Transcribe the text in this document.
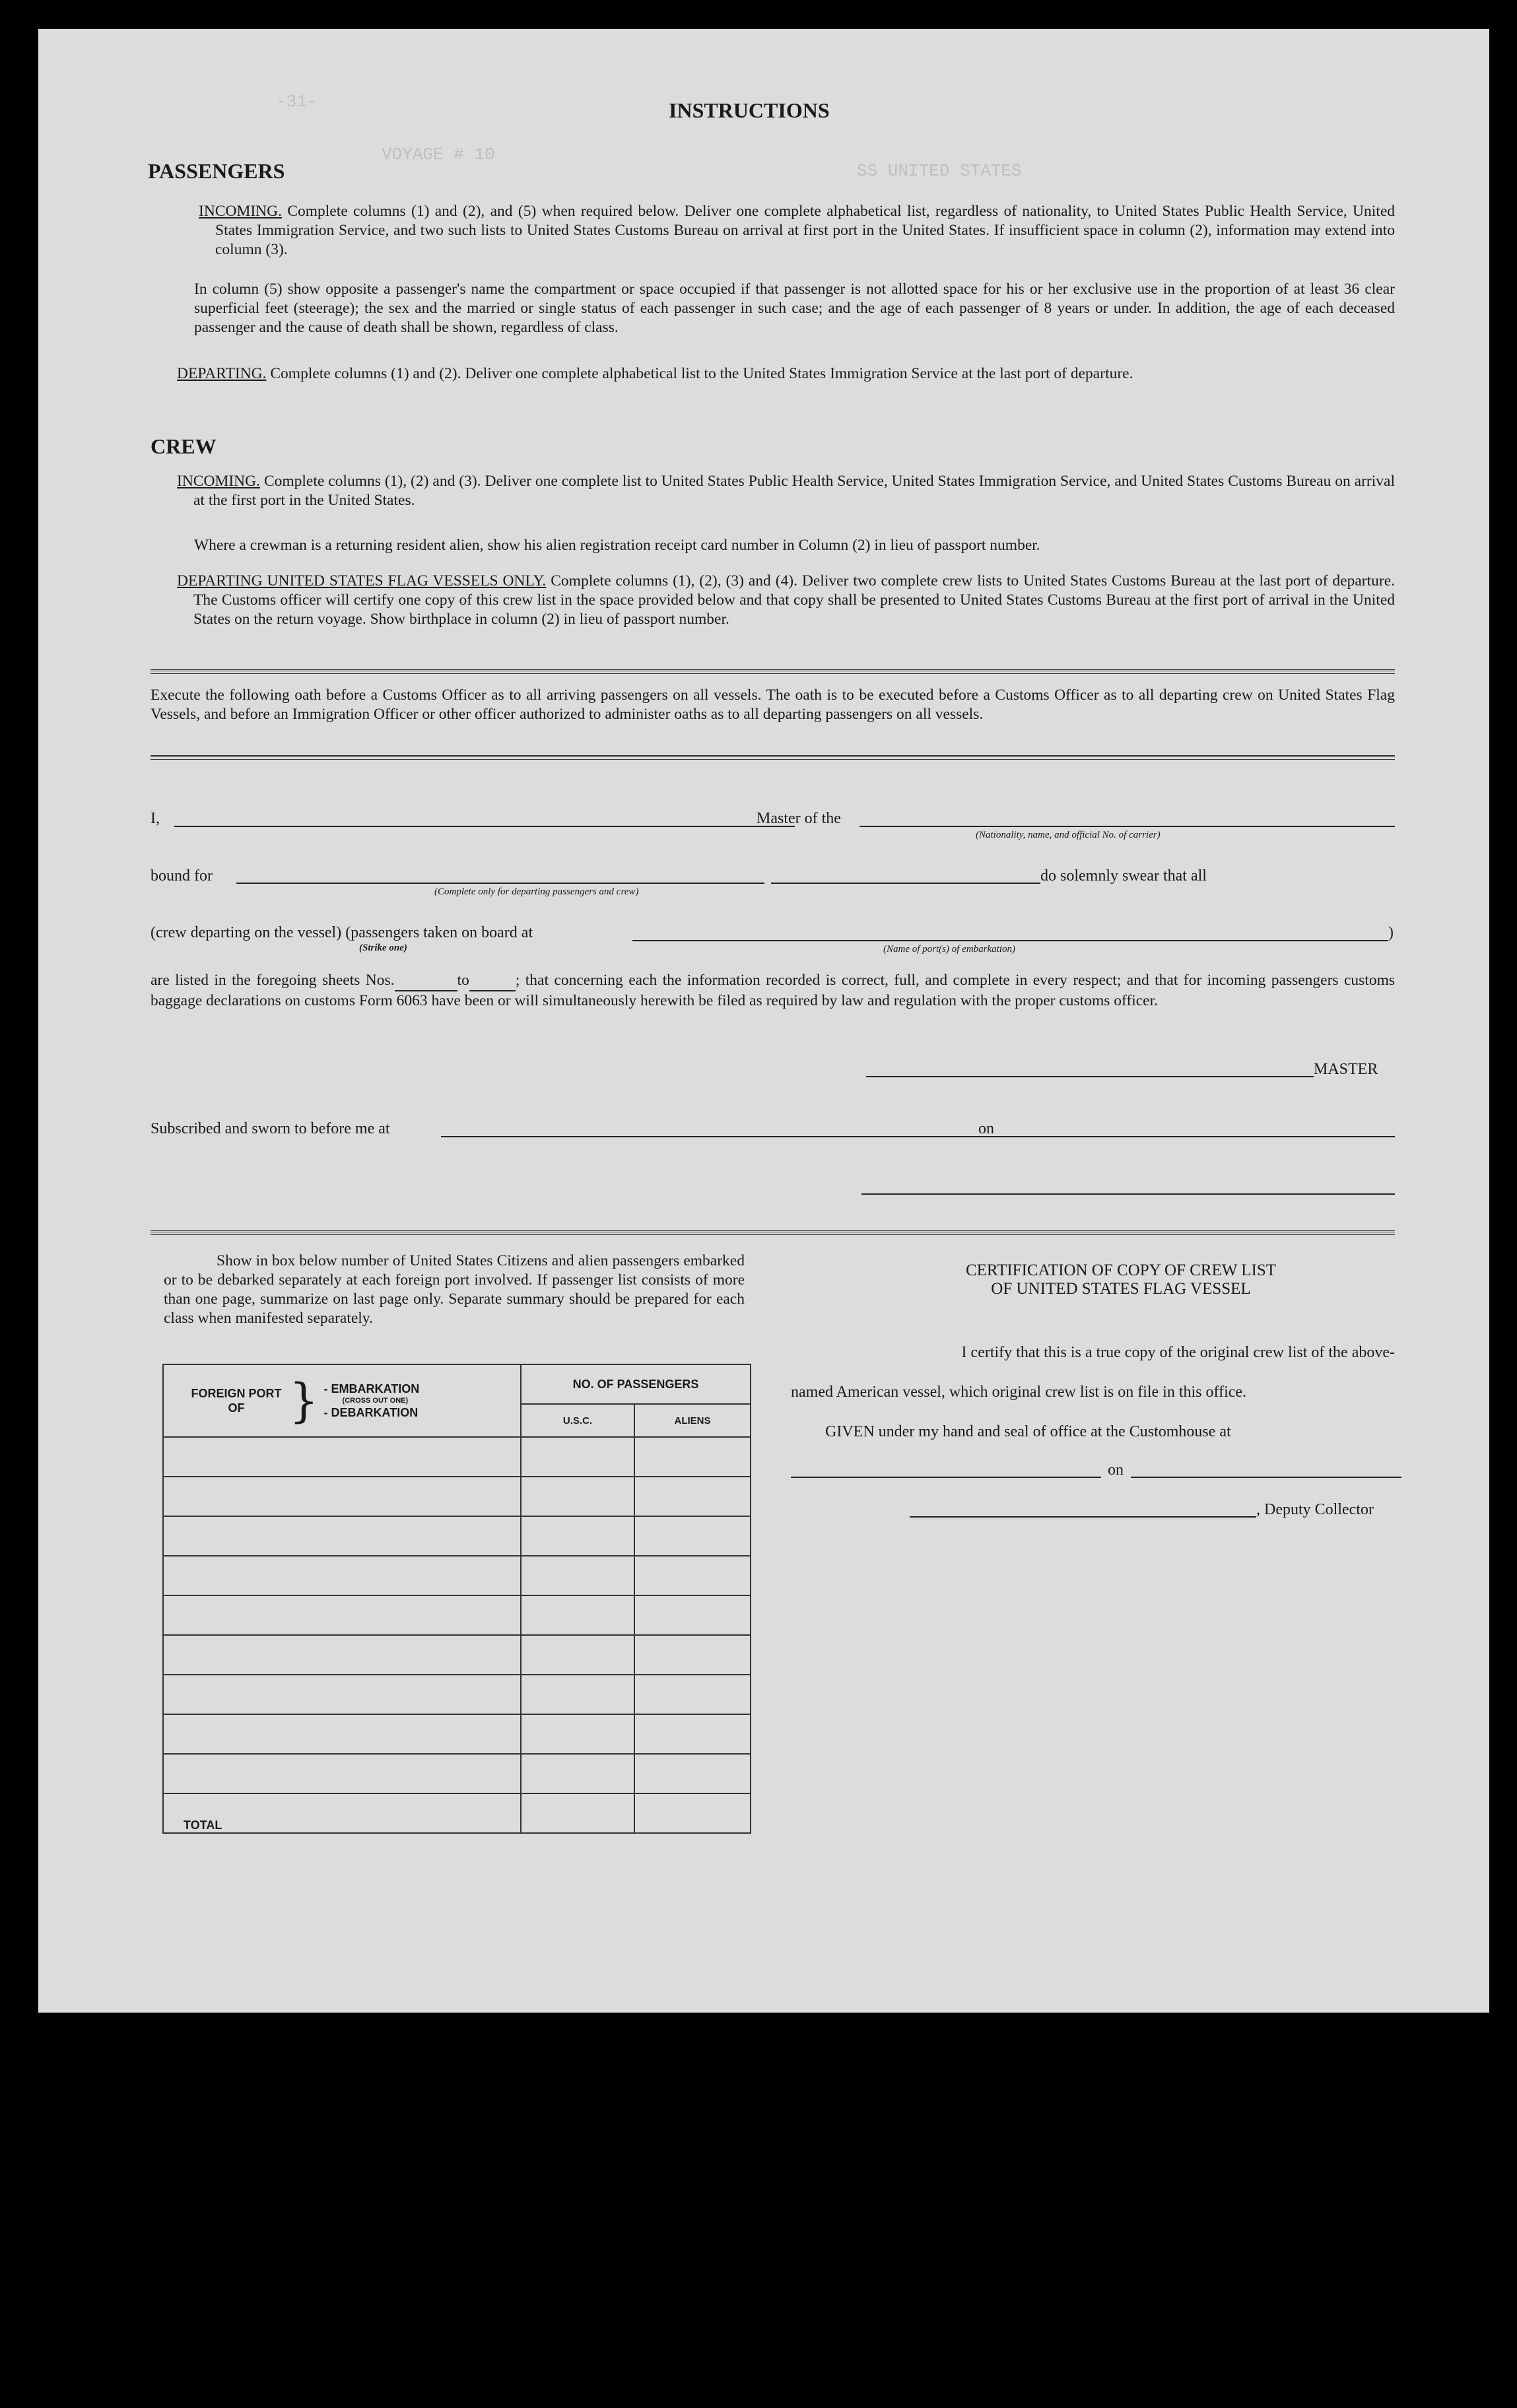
-31-
SS UNITED STATES
VOYAGE # 10
INSTRUCTIONS
PASSENGERS

INCOMING. Complete columns (1) and (2), and (5) when required below. Deliver one complete alphabetical list, regardless of nationality, to United States Public Health Service, United States Immigration Service, and two such lists to United States Customs Bureau on arrival at first port in the United States. If insufficient space in column (2), information may extend into column (3).

In column (5) show opposite a passenger's name the compartment or space occupied if that passenger is not allotted space for his or her exclusive use in the proportion of at least 36 clear superficial feet (steerage); the sex and the married or single status of each passenger in such case; and the age of each passenger of 8 years or under. In addition, the age of each deceased passenger and the cause of death shall be shown, regardless of class.

DEPARTING. Complete columns (1) and (2). Deliver one complete alphabetical list to the United States Immigration Service at the last port of departure.

CREW

INCOMING. Complete columns (1), (2) and (3). Deliver one complete list to United States Public Health Service, United States Immigration Service, and United States Customs Bureau on arrival at the first port in the United States.

Where a crewman is a returning resident alien, show his alien registration receipt card number in Column (2) in lieu of passport number.

DEPARTING UNITED STATES FLAG VESSELS ONLY. Complete columns (1), (2), (3) and (4). Deliver two complete crew lists to United States Customs Bureau at the last port of departure. The Customs officer will certify one copy of this crew list in the space provided below and that copy shall be presented to United States Customs Bureau at the first port of arrival in the United States on the return voyage. Show birthplace in column (2) in lieu of passport number.

Execute the following oath before a Customs Officer as to all arriving passengers on all vessels. The oath is to be executed before a Customs Officer as to all departing crew on United States Flag Vessels, and before an Immigration Officer or other officer authorized to administer oaths as to all departing passengers on all vessels.

I,	Master of the
(Nationality, name, and official No. of carrier)
bound for
(Complete only for departing passengers and crew)
do solemnly swear that all
(crew departing on the vessel) (passengers taken on board at
(Strike one)	(Name of port(s) of embarkation)
)

are listed in the foregoing sheets Nos.	to	; that concerning each the information recorded is correct, full, and complete in every respect; and that for incoming passengers customs baggage declarations on customs Form 6063 have been or will simultaneously herewith be filed as required by law and regulation with the proper customs officer.

MASTER
Subscribed and sworn to before me at	on

Show in box below number of United States Citizens and alien passengers embarked or to be debarked separately at each foreign port involved. If passenger list consists of more than one page, summarize on last page only. Separate summary should be prepared for each class when manifested separately.

FOREIGN PORT OF } - EMBARKATION
(CROSS OUT ONE)
- DEBARKATION	NO. OF PASSENGERS	
	U.S.C.	ALIENS

TOTAL		
CERTIFICATION OF COPY OF CREW LIST
OF UNITED STATES FLAG VESSEL
I certify that this is a true copy of the original crew list of the above-
named American vessel, which original crew list is on file in this office.
GIVEN under my hand and seal of office at the Customhouse at
on
, Deputy Collector
